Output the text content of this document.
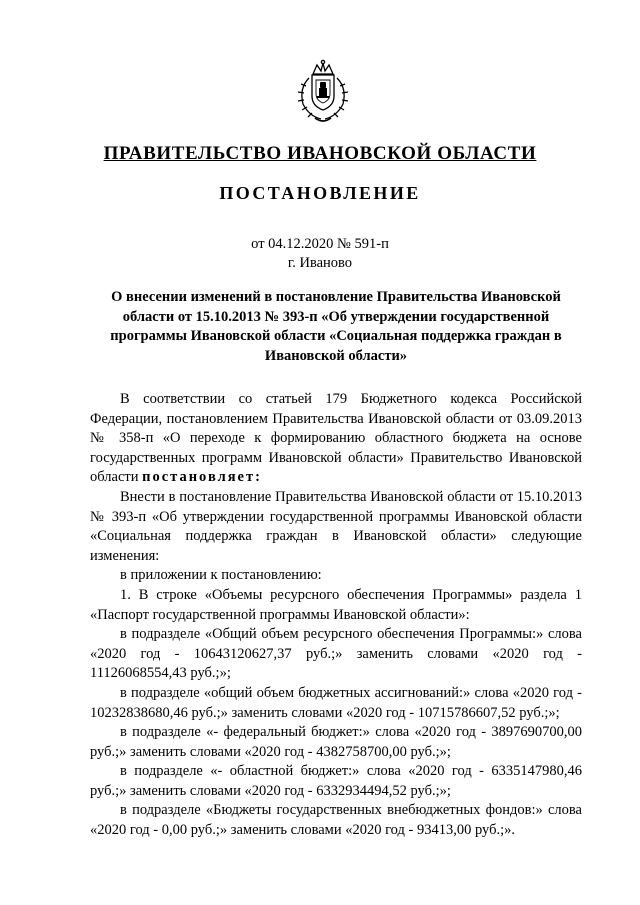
ПРАВИТЕЛЬСТВО ИВАНОВСКОЙ ОБЛАСТИ
ПОСТАНОВЛЕНИЕ
от 04.12.2020 № 591-п
г. Иваново
О внесении изменений в постановление Правительства Ивановской области от 15.10.2013 № 393-п «Об утверждении государственной программы Ивановской области «Социальная поддержка граждан в Ивановской области»

В соответствии со статьей 179 Бюджетного кодекса Российской Федерации, постановлением Правительства Ивановской области от 03.09.2013 № 358-п «О переходе к формированию областного бюджета на основе государственных программ Ивановской области» Правительство Ивановской области постановляет:

Внести в постановление Правительства Ивановской области от 15.10.2013 № 393-п «Об утверждении государственной программы Ивановской области «Социальная поддержка граждан в Ивановской области» следующие изменения:

в приложении к постановлению:

1. В строке «Объемы ресурсного обеспечения Программы» раздела 1 «Паспорт государственной программы Ивановской области»:

в подразделе «Общий объем ресурсного обеспечения Программы:» слова «2020 год - 10643120627,37 руб.;» заменить словами «2020 год - 11126068554,43 руб.;»;

в подразделе «общий объем бюджетных ассигнований:» слова «2020 год - 10232838680,46 руб.;» заменить словами «2020 год - 10715786607,52 руб.;»;

в подразделе «- федеральный бюджет:» слова «2020 год - 3897690700,00 руб.;» заменить словами «2020 год - 4382758700,00 руб.;»;

в подразделе «- областной бюджет:» слова «2020 год - 6335147980,46 руб.;» заменить словами «2020 год - 6332934494,52 руб.;»;

в подразделе «Бюджеты государственных внебюджетных фондов:» слова «2020 год - 0,00 руб.;» заменить словами «2020 год - 93413,00 руб.;».
